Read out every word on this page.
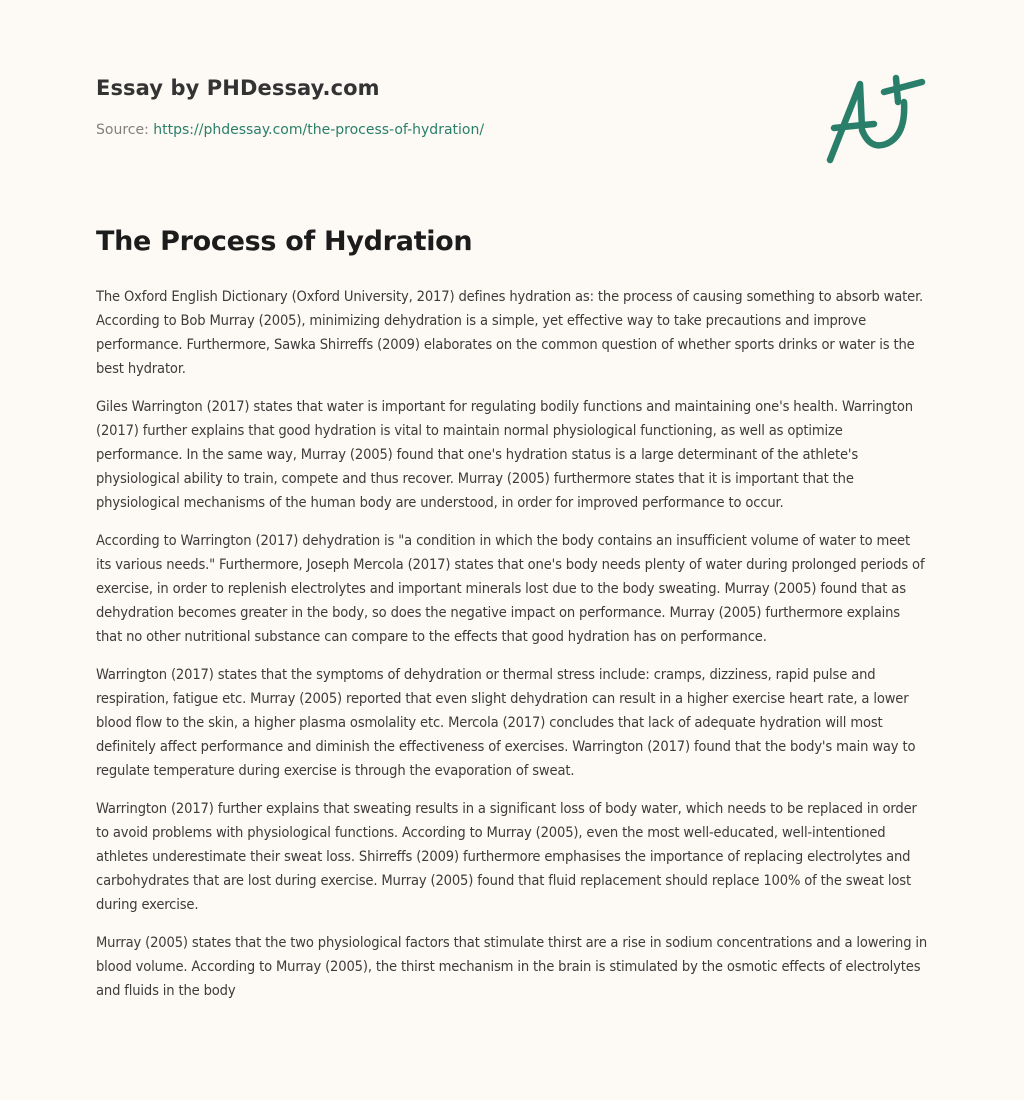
Essay by PHDessay.com
Source: https://phdessay.com/the-process-of-hydration/
The Process of Hydration

The Oxford English Dictionary (Oxford University, 2017) defines hydration as: the process of causing something to absorb water. According to Bob Murray (2005), minimizing dehydration is a simple, yet effective way to take precautions and improve performance. Furthermore, Sawka Shirreffs (2009) elaborates on the common question of whether sports drinks or water is the best hydrator.

Giles Warrington (2017) states that water is important for regulating bodily functions and maintaining one's health. Warrington (2017) further explains that good hydration is vital to maintain normal physiological functioning, as well as optimize performance. In the same way, Murray (2005) found that one's hydration status is a large determinant of the athlete's physiological ability to train, compete and thus recover. Murray (2005) furthermore states that it is important that the physiological mechanisms of the human body are understood, in order for improved performance to occur.

According to Warrington (2017) dehydration is "a condition in which the body contains an insufficient volume of water to meet its various needs." Furthermore, Joseph Mercola (2017) states that one's body needs plenty of water during prolonged periods of exercise, in order to replenish electrolytes and important minerals lost due to the body sweating. Murray (2005) found that as dehydration becomes greater in the body, so does the negative impact on performance. Murray (2005) furthermore explains that no other nutritional substance can compare to the effects that good hydration has on performance.

Warrington (2017) states that the symptoms of dehydration or thermal stress include: cramps, dizziness, rapid pulse and respiration, fatigue etc. Murray (2005) reported that even slight dehydration can result in a higher exercise heart rate, a lower blood flow to the skin, a higher plasma osmolality etc. Mercola (2017) concludes that lack of adequate hydration will most definitely affect performance and diminish the effectiveness of exercises. Warrington (2017) found that the body's main way to regulate temperature during exercise is through the evaporation of sweat.

Warrington (2017) further explains that sweating results in a significant loss of body water, which needs to be replaced in order to avoid problems with physiological functions. According to Murray (2005), even the most well-educated, well-intentioned athletes underestimate their sweat loss. Shirreffs (2009) furthermore emphasises the importance of replacing electrolytes and carbohydrates that are lost during exercise. Murray (2005) found that fluid replacement should replace 100% of the sweat lost during exercise.

Murray (2005) states that the two physiological factors that stimulate thirst are a rise in sodium concentrations and a lowering in blood volume. According to Murray (2005), the thirst mechanism in the brain is stimulated by the osmotic effects of electrolytes and fluids in the body
